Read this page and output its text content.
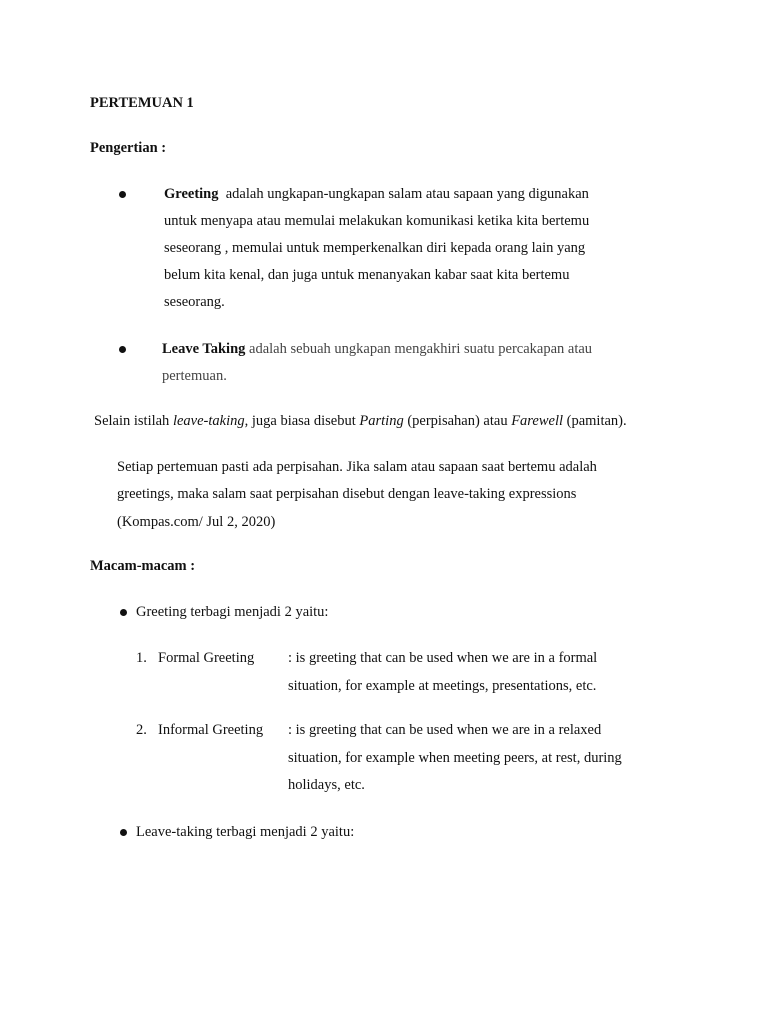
PERTEMUAN 1
Pengertian :
Greeting adalah ungkapan-ungkapan salam atau sapaan yang digunakan
untuk menyapa atau memulai melakukan komunikasi ketika kita bertemu
seseorang , memulai untuk memperkenalkan diri kepada orang lain yang
belum kita kenal, dan juga untuk menanyakan kabar saat kita bertemu
seseorang.
Leave Taking adalah sebuah ungkapan mengakhiri suatu percakapan atau
pertemuan.
Selain istilah leave-taking, juga biasa disebut Parting (perpisahan) atau Farewell (pamitan).
Setiap pertemuan pasti ada perpisahan. Jika salam atau sapaan saat bertemu adalah
greetings, maka salam saat perpisahan disebut dengan leave-taking expressions
(Kompas.com/ Jul 2, 2020)
Macam-macam :
Greeting terbagi menjadi 2 yaitu:
1. Formal Greeting : is greeting that can be used when we are in a formal
situation, for example at meetings, presentations, etc.
2. Informal Greeting : is greeting that can be used when we are in a relaxed
situation, for example when meeting peers, at rest, during
holidays, etc.
Leave-taking terbagi menjadi 2 yaitu:
